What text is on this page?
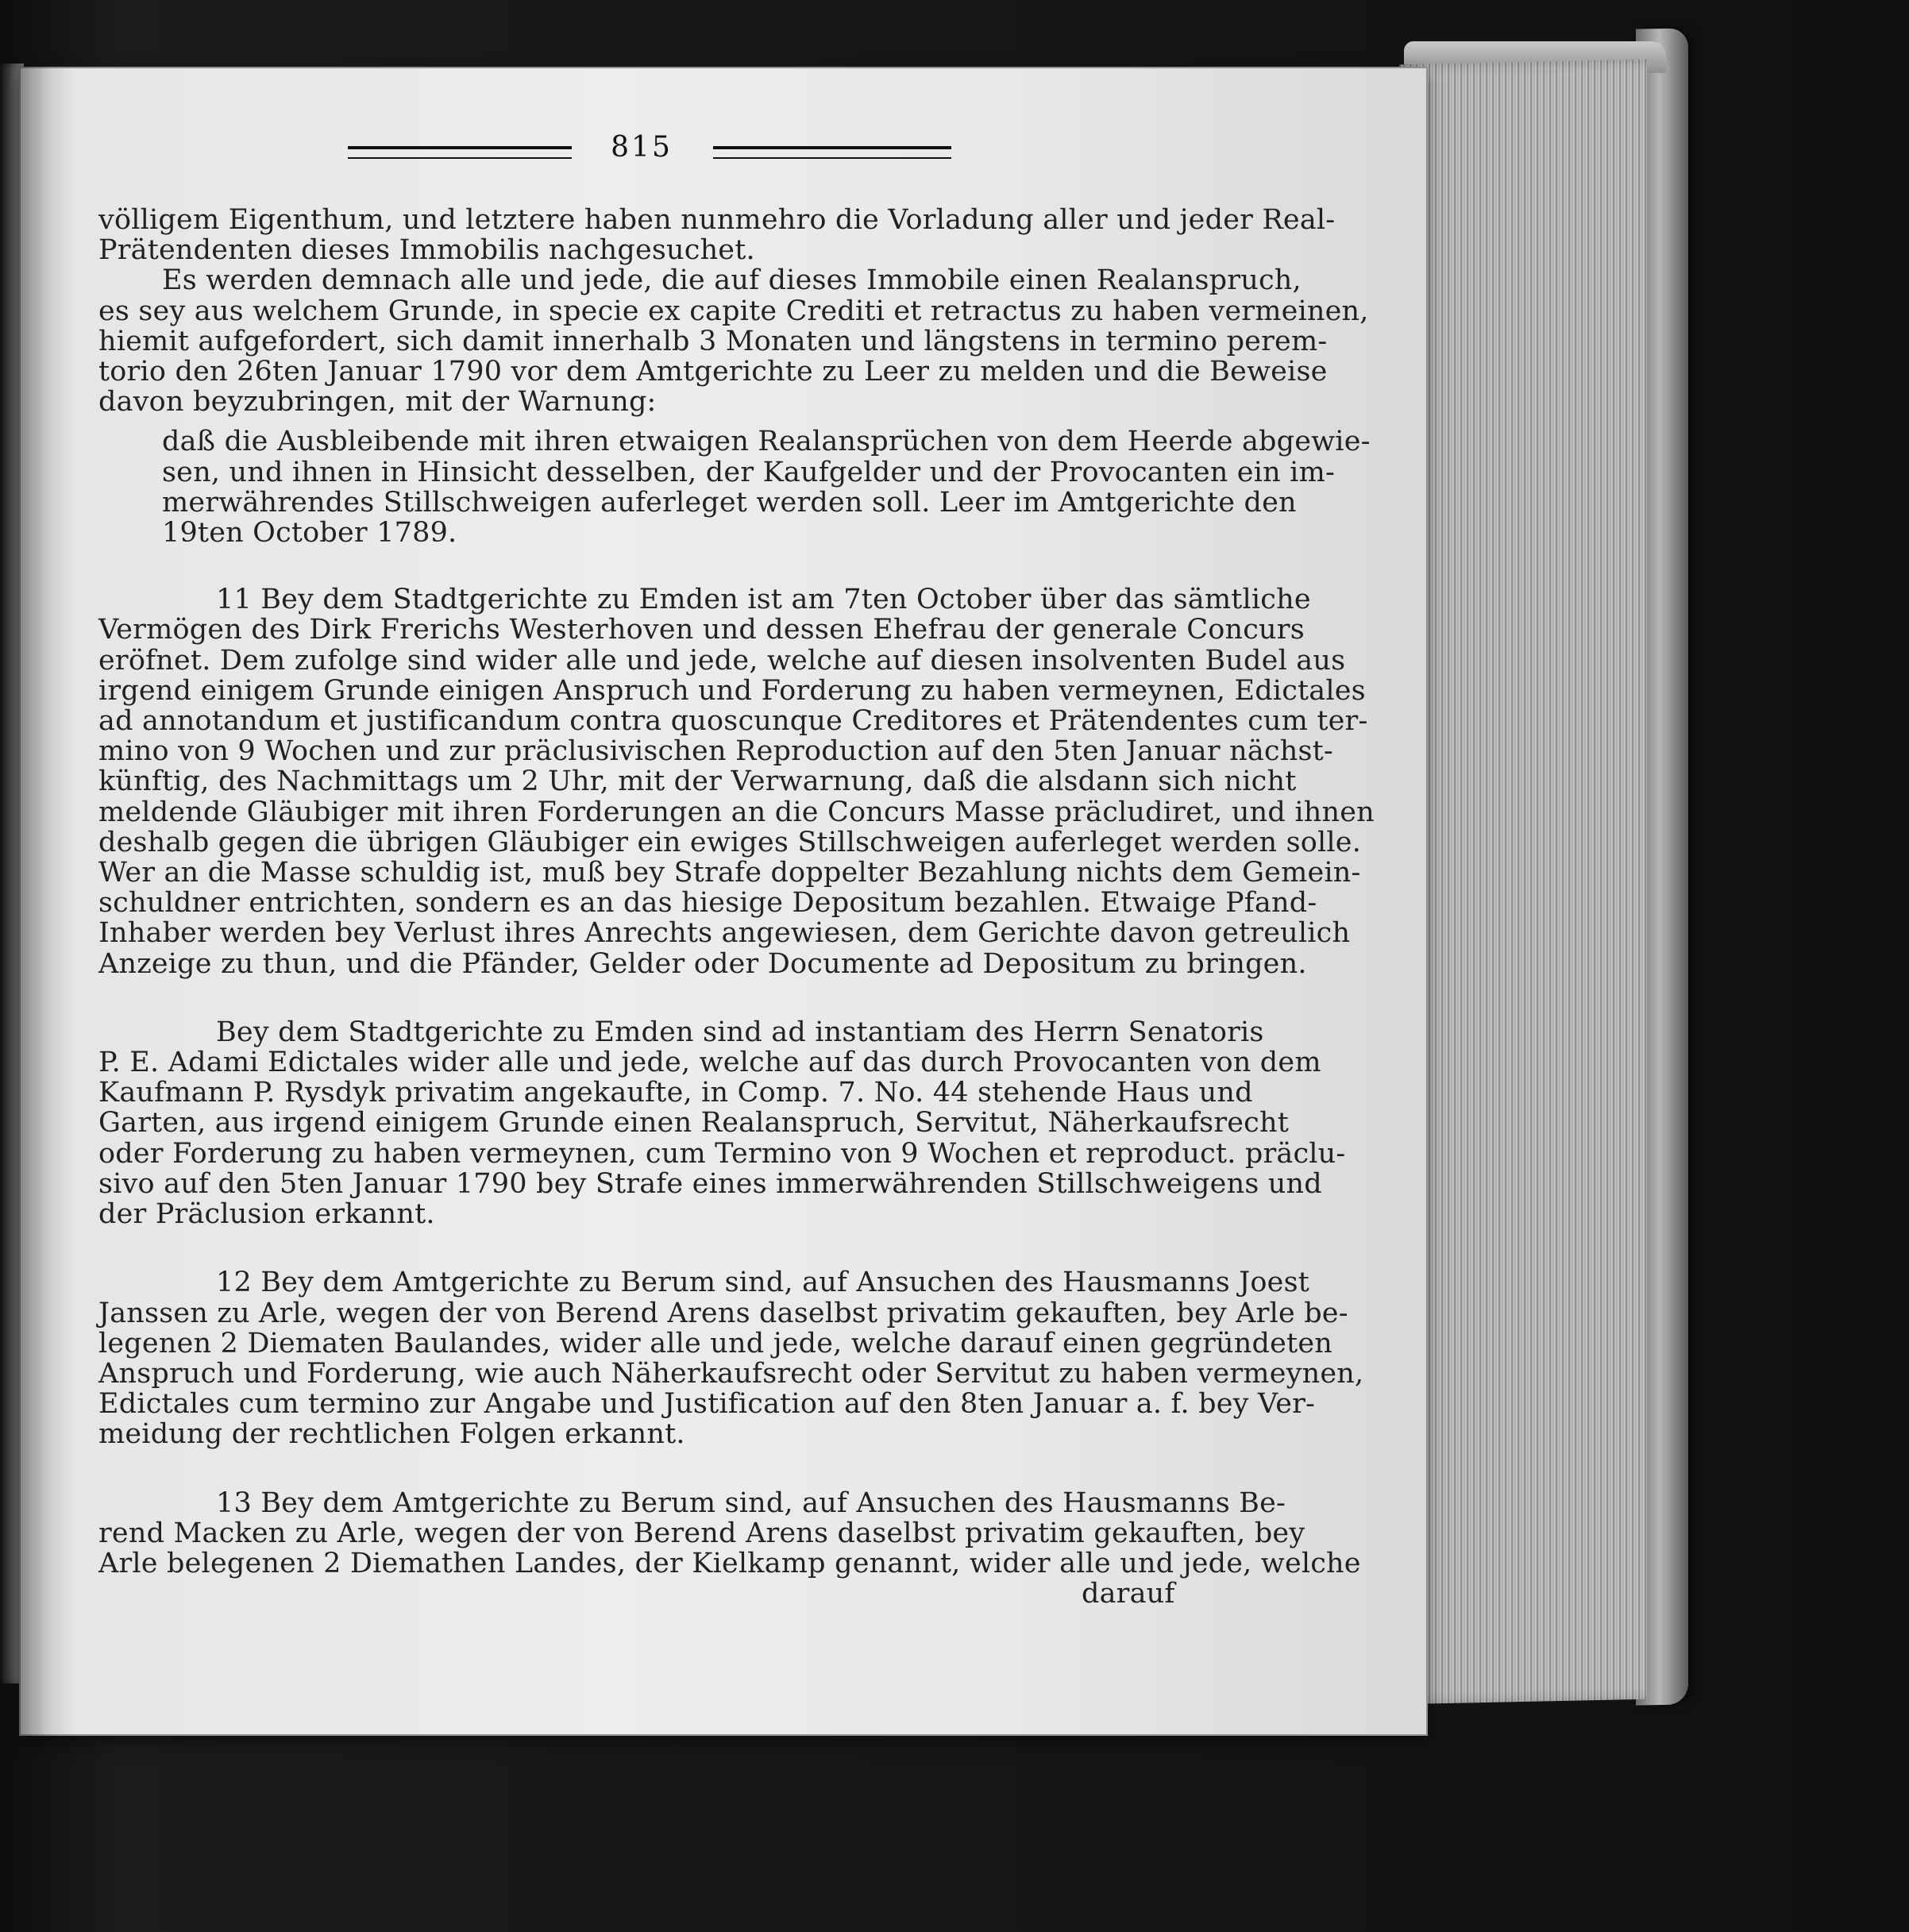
815

völligem Eigenthum, und letztere haben nunmehro die Vorladung aller und jeder Real-
Prätendenten dieses Immobilis nachgesuchet.

Es werden demnach alle und jede, die auf dieses Immobile einen Realanspruch,

es sey aus welchem Grunde, in specie ex capite Crediti et retractus zu haben vermeinen,
hiemit aufgefordert, sich damit innerhalb 3 Monaten und längstens in termino perem-
torio den 26ten Januar 1790 vor dem Amtgerichte zu Leer zu melden und die Beweise
davon beyzubringen, mit der Warnung:

daß die Ausbleibende mit ihren etwaigen Realansprüchen von dem Heerde abgewie-
sen, und ihnen in Hinsicht desselben, der Kaufgelder und der Provocanten ein im-
merwährendes Stillschweigen auferleget werden soll. Leer im Amtgerichte den
19ten October 1789.

11 Bey dem Stadtgerichte zu Emden ist am 7ten October über das sämtliche

Vermögen des Dirk Frerichs Westerhoven und dessen Ehefrau der generale Concurs
eröfnet. Dem zufolge sind wider alle und jede, welche auf diesen insolventen Budel aus
irgend einigem Grunde einigen Anspruch und Forderung zu haben vermeynen, Edictales
ad annotandum et justificandum contra quoscunque Creditores et Prätendentes cum ter-
mino von 9 Wochen und zur präclusivischen Reproduction auf den 5ten Januar nächst-
künftig, des Nachmittags um 2 Uhr, mit der Verwarnung, daß die alsdann sich nicht
meldende Gläubiger mit ihren Forderungen an die Concurs Masse präcludiret, und ihnen
deshalb gegen die übrigen Gläubiger ein ewiges Stillschweigen auferleget werden solle.
Wer an die Masse schuldig ist, muß bey Strafe doppelter Bezahlung nichts dem Gemein-
schuldner entrichten, sondern es an das hiesige Depositum bezahlen. Etwaige Pfand-
Inhaber werden bey Verlust ihres Anrechts angewiesen, dem Gerichte davon getreulich
Anzeige zu thun, und die Pfänder, Gelder oder Documente ad Depositum zu bringen.

Bey dem Stadtgerichte zu Emden sind ad instantiam des Herrn Senatoris

P. E. Adami Edictales wider alle und jede, welche auf das durch Provocanten von dem
Kaufmann P. Rysdyk privatim angekaufte, in Comp. 7. No. 44 stehende Haus und
Garten, aus irgend einigem Grunde einen Realanspruch, Servitut, Näherkaufsrecht
oder Forderung zu haben vermeynen, cum Termino von 9 Wochen et reproduct. präclu-
sivo auf den 5ten Januar 1790 bey Strafe eines immerwährenden Stillschweigens und
der Präclusion erkannt.

12 Bey dem Amtgerichte zu Berum sind, auf Ansuchen des Hausmanns Joest

Janssen zu Arle, wegen der von Berend Arens daselbst privatim gekauften, bey Arle be-
legenen 2 Diematen Baulandes, wider alle und jede, welche darauf einen gegründeten
Anspruch und Forderung, wie auch Näherkaufsrecht oder Servitut zu haben vermeynen,
Edictales cum termino zur Angabe und Justification auf den 8ten Januar a. f. bey Ver-
meidung der rechtlichen Folgen erkannt.

13 Bey dem Amtgerichte zu Berum sind, auf Ansuchen des Hausmanns Be-

rend Macken zu Arle, wegen der von Berend Arens daselbst privatim gekauften, bey
Arle belegenen 2 Diemathen Landes, der Kielkamp genannt, wider alle und jede, welche

darauf
